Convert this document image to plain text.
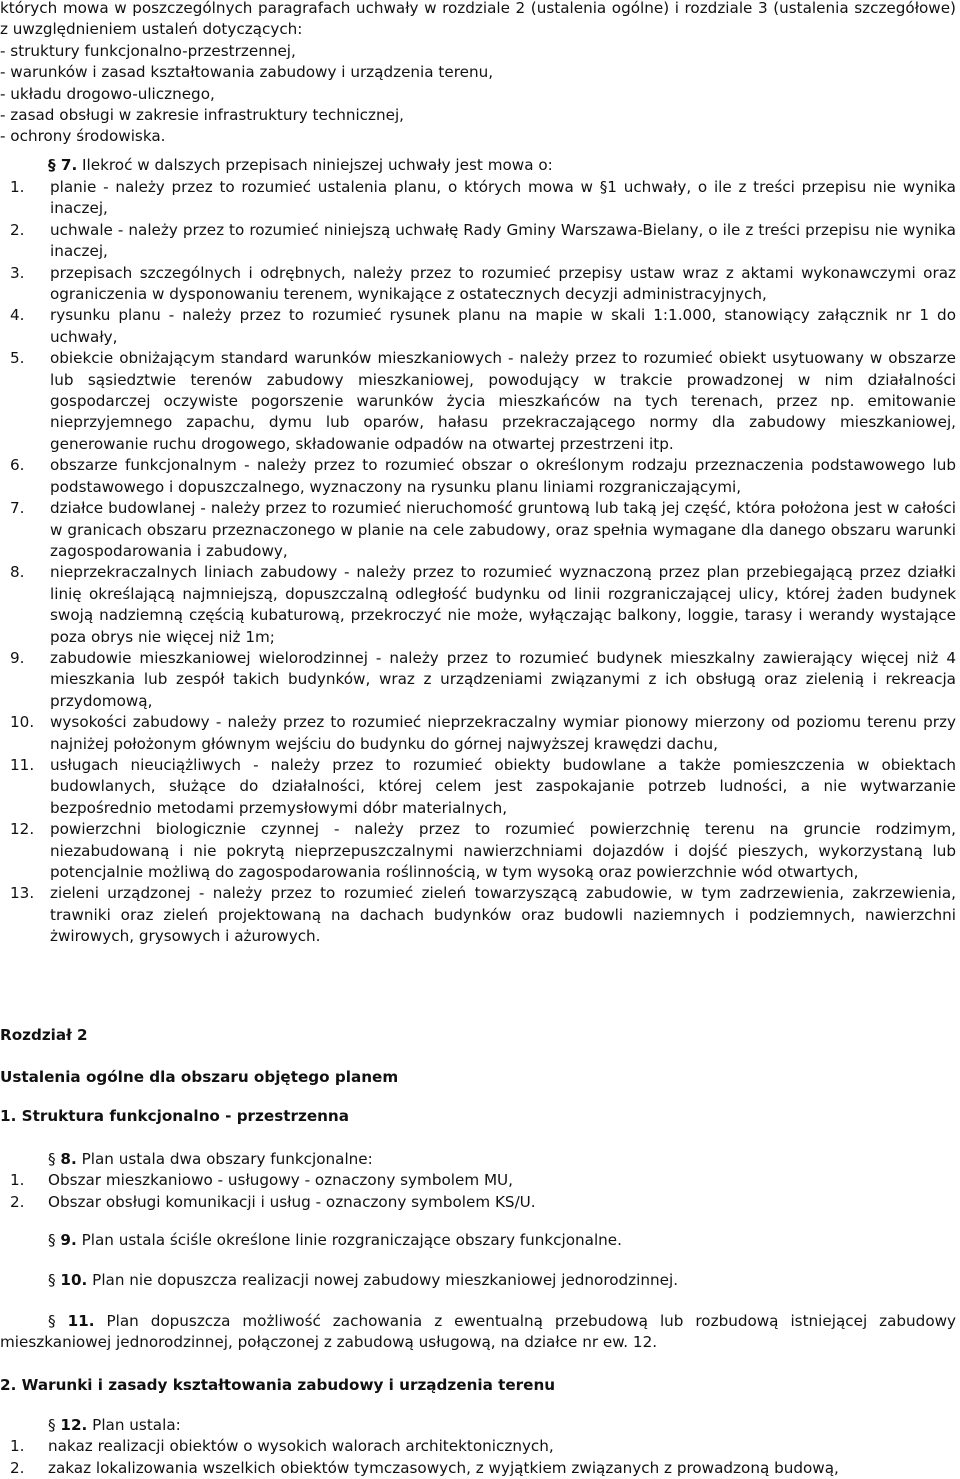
których mowa w poszczególnych paragrafach uchwały w rozdziale 2 (ustalenia ogólne) i rozdziale 3 (ustalenia szczegółowe) z uwzględnieniem ustaleń dotyczących:

- struktury funkcjonalno-przestrzennej,
- warunków i zasad kształtowania zabudowy i urządzenia terenu,
- układu drogowo-ulicznego,
- zasad obsługi w zakresie infrastruktury technicznej,
- ochrony środowiska.
§ 7. Ilekroć w dalszych przepisach niniejszej uchwały jest mowa o:
1. planie - należy przez to rozumieć ustalenia planu, o których mowa w §1 uchwały, o ile z treści przepisu nie wynika inaczej,
2. uchwale - należy przez to rozumieć niniejszą uchwałę Rady Gminy Warszawa-Bielany, o ile z treści przepisu nie wynika inaczej,
3. przepisach szczególnych i odrębnych, należy przez to rozumieć przepisy ustaw wraz z aktami wykonawczymi oraz ograniczenia w dysponowaniu terenem, wynikające z ostatecznych decyzji administracyjnych,
4. rysunku planu - należy przez to rozumieć rysunek planu na mapie w skali 1:1.000, stanowiący załącznik nr 1 do uchwały,
5. obiekcie obniżającym standard warunków mieszkaniowych - należy przez to rozumieć obiekt usytuowany w obszarze lub sąsiedztwie terenów zabudowy mieszkaniowej, powodujący w trakcie prowadzonej w nim działalności gospodarczej oczywiste pogorszenie warunków życia mieszkańców na tych terenach, przez np. emitowanie nieprzyjemnego zapachu, dymu lub oparów, hałasu przekraczającego normy dla zabudowy mieszkaniowej, generowanie ruchu drogowego, składowanie odpadów na otwartej przestrzeni itp.
6. obszarze funkcjonalnym - należy przez to rozumieć obszar o określonym rodzaju przeznaczenia podstawowego lub podstawowego i dopuszczalnego, wyznaczony na rysunku planu liniami rozgraniczającymi,
7. działce budowlanej - należy przez to rozumieć nieruchomość gruntową lub taką jej część, która położona jest w całości w granicach obszaru przeznaczonego w planie na cele zabudowy, oraz spełnia wymagane dla danego obszaru warunki zagospodarowania i zabudowy,
8. nieprzekraczalnych liniach zabudowy - należy przez to rozumieć wyznaczoną przez plan przebiegającą przez działki linię określającą najmniejszą, dopuszczalną odległość budynku od linii rozgraniczającej ulicy, której żaden budynek swoją nadziemną częścią kubaturową, przekroczyć nie może, wyłączając balkony, loggie, tarasy i werandy wystające poza obrys nie więcej niż 1m;
9. zabudowie mieszkaniowej wielorodzinnej - należy przez to rozumieć budynek mieszkalny zawierający więcej niż 4 mieszkania lub zespół takich budynków, wraz z urządzeniami związanymi z ich obsługą oraz zielenią i rekreacja przydomową,
10. wysokości zabudowy - należy przez to rozumieć nieprzekraczalny wymiar pionowy mierzony od poziomu terenu przy najniżej położonym głównym wejściu do budynku do górnej najwyższej krawędzi dachu,
11. usługach nieuciążliwych - należy przez to rozumieć obiekty budowlane a także pomieszczenia w obiektach budowlanych, służące do działalności, której celem jest zaspokajanie potrzeb ludności, a nie wytwarzanie bezpośrednio metodami przemysłowymi dóbr materialnych,
12. powierzchni biologicznie czynnej - należy przez to rozumieć powierzchnię terenu na gruncie rodzimym, niezabudowaną i nie pokrytą nieprzepuszczalnymi nawierzchniami dojazdów i dojść pieszych, wykorzystaną lub potencjalnie możliwą do zagospodarowania roślinnością, w tym wysoką oraz powierzchnie wód otwartych,
13. zieleni urządzonej - należy przez to rozumieć zieleń towarzyszącą zabudowie, w tym zadrzewienia, zakrzewienia, trawniki oraz zieleń projektowaną na dachach budynków oraz budowli naziemnych i podziemnych, nawierzchni żwirowych, grysowych i ażurowych.
Rozdział 2
Ustalenia ogólne dla obszaru objętego planem
1. Struktura funkcjonalno - przestrzenna
§ 8. Plan ustala dwa obszary funkcjonalne:
1. Obszar mieszkaniowo - usługowy - oznaczony symbolem MU,
2. Obszar obsługi komunikacji i usług - oznaczony symbolem KS/U.
§ 9. Plan ustala ściśle określone linie rozgraniczające obszary funkcjonalne.
§ 10. Plan nie dopuszcza realizacji nowej zabudowy mieszkaniowej jednorodzinnej.

§ 11. Plan dopuszcza możliwość zachowania z ewentualną przebudową lub rozbudową istniejącej zabudowy mieszkaniowej jednorodzinnej, połączonej z zabudową usługową, na działce nr ew. 12.

2. Warunki i zasady kształtowania zabudowy i urządzenia terenu
§ 12. Plan ustala:
1. nakaz realizacji obiektów o wysokich walorach architektonicznych,
2. zakaz lokalizowania wszelkich obiektów tymczasowych, z wyjątkiem związanych z prowadzoną budową,
